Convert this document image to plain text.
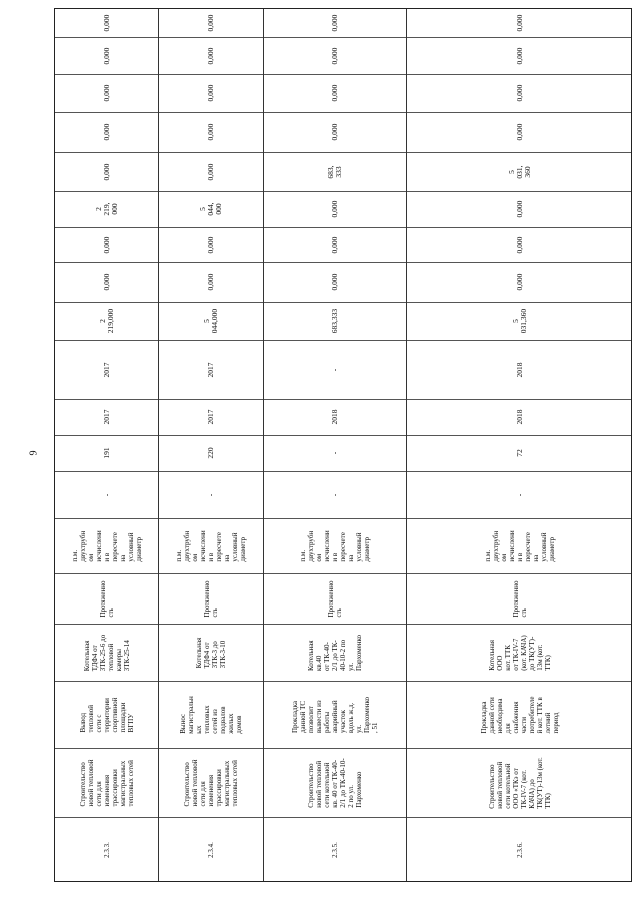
9
2.3.3.
Строительство
новой тепловой
сети для
изменения
трассировки
магистральных
тепловых сетей
Вывод
тепловой
сети с
территории
спортивной
площадки
ВГПУ
Котельная
ТДФ4 от
ЗТК-25-6 до
тепловой
камеры
ЗТК-25-14
Протяженно
сть
п.м.
двухтрубн
ом
исчислени
и в
пересчете
на
условный
диаметр
-
191
2017
2017
2
219,000
0,000
0,000
2
219,
000
0,000
0,000
0,000
0,000
0,000
2.3.4.
Строительство
новой тепловой
сети для
изменения
трассировки
магистральных
тепловых сетей
Вынос
магистральн
ых
тепловых
сетей из
подвалов
жилых
домов
Котельная
ТДФ4 от
ЗТК-3 до
ЗТК-3-10
Протяженно
сть
п.м.
двухтрубн
ом
исчислени
и в
пересчете
на
условный
диаметр
-
220
2017
2017
5
044,000
0,000
0,000
5
044,
000
0,000
0,000
0,000
0,000
0,000
2.3.5.
Строительство
новой тепловой
сети котельной
кв. 40 от ТК-40-
2/1 до ТК-40-10-
2 по ул.
Пархоменко
Прокладка
данной ТС
позволит
вывести из
работы
аварийный
участок
вдоль ж.д.
ул.
Пархоменко
, 51
Котельная
кв.40
от ТК-40-
2/1 до ТК-
40-10-2 по
ул.
Пархоменко
Протяженно
сть
п.м.
двухтрубн
ом
исчислени
и в
пересчете
на
условный
диаметр
-
-
2018
-
683,333
0,000
0,000
0,000
683,
333
0,000
0,000
0,000
0,000
2.3.6.
Строительство
новой тепловой
сети котельной
ООО «ТКэ от
ТК-IV-7 (кот.
КАЧА) до
ТК(УТ)-13м (кот.
ТТК)
Прокладка
данной сети
необходима
для
снабжения
части
потребителе
й кот. ТТК в
летний
период
Котельная
ООО
кот. ТТК
от ТК-IV-7
(кот. КАЧА)
до ТК(УТ)-
13м (кот.
ТТК)
Протяженно
сть
п.м.
двухтрубн
ом
исчислени
и в
пересчете
на
условный
диаметр
-
72
2018
2018
5
031,360
0,000
0,000
0,000
5
031,
360
0,000
0,000
0,000
0,000
